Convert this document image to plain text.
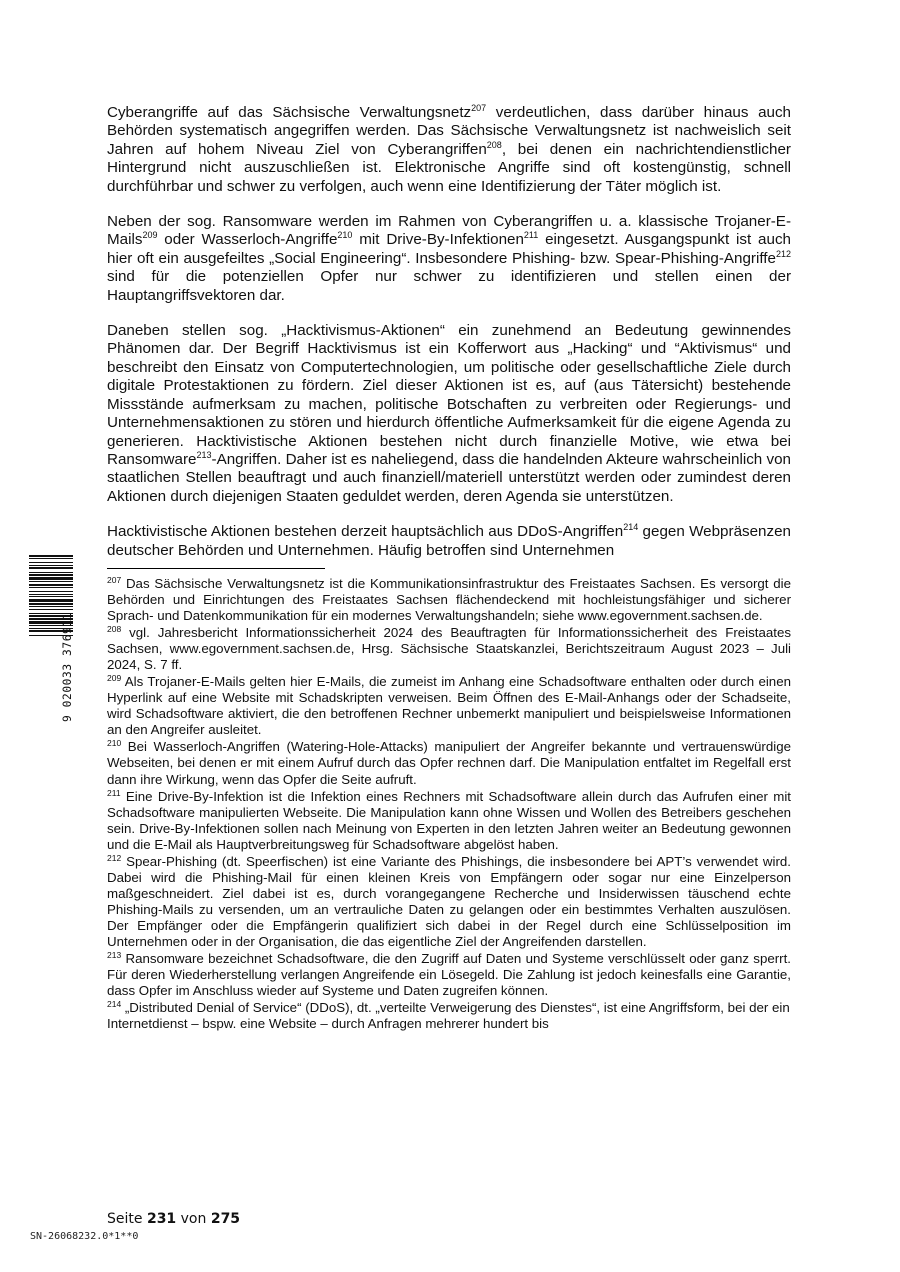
Cyberangriffe auf das Sächsische Verwaltungsnetz$^{207}$ verdeutlichen, dass darüber hinaus auch Behörden systematisch angegriffen werden. Das Sächsische Verwaltungsnetz ist nachweislich seit Jahren auf hohem Niveau Ziel von Cyberangriffen$^{208}$, bei denen ein nachrichtendienstlicher Hintergrund nicht auszuschließen ist. Elektronische Angriffe sind oft kostengünstig, schnell durchführbar und schwer zu verfolgen, auch wenn eine Identifizierung der Täter möglich ist.

Neben der sog. Ransomware werden im Rahmen von Cyberangriffen u. a. klassische Trojaner-E-Mails$^{209}$ oder Wasserloch-Angriffe$^{210}$ mit Drive-By-Infektionen$^{211}$ eingesetzt. Ausgangspunkt ist auch hier oft ein ausgefeiltes „Social Engineering“. Insbesondere Phishing- bzw. Spear-Phishing-Angriffe$^{212}$ sind für die potenziellen Opfer nur schwer zu identifizieren und stellen einen der Hauptangriffsvektoren dar.

Daneben stellen sog. „Hacktivismus-Aktionen“ ein zunehmend an Bedeutung gewinnendes Phänomen dar. Der Begriff Hacktivismus ist ein Kofferwort aus „Hacking“ und “Aktivismus“ und beschreibt den Einsatz von Computertechnologien, um politische oder gesellschaftliche Ziele durch digitale Protestaktionen zu fördern. Ziel dieser Aktionen ist es, auf (aus Tätersicht) bestehende Missstände aufmerksam zu machen, politische Botschaften zu verbreiten oder Regierungs- und Unternehmensaktionen zu stören und hierdurch öffentliche Aufmerksamkeit für die eigene Agenda zu generieren. Hacktivistische Aktionen bestehen nicht durch finanzielle Motive, wie etwa bei Ransomware$^{213}$-Angriffen. Daher ist es naheliegend, dass die handelnden Akteure wahrscheinlich von staatlichen Stellen beauftragt und auch finanziell/materiell unterstützt werden oder zumindest deren Aktionen durch diejenigen Staaten geduldet werden, deren Agenda sie unterstützen.

Hacktivistische Aktionen bestehen derzeit hauptsächlich aus DDoS-Angriffen$^{214}$ gegen Webpräsenzen deutscher Behörden und Unternehmen. Häufig betroffen sind Unternehmen

$^{207}$ Das Sächsische Verwaltungsnetz ist die Kommunikationsinfrastruktur des Freistaates Sachsen. Es versorgt die Behörden und Einrichtungen des Freistaates Sachsen flächendeckend mit hochleistungsfähiger und sicherer Sprach- und Datenkommunikation für ein modernes Verwaltungshandeln; siehe www.egovernment.sachsen.de.

$^{208}$ vgl. Jahresbericht Informationssicherheit 2024 des Beauftragten für Informationssicherheit des Freistaates Sachsen, www.egovernment.sachsen.de, Hrsg. Sächsische Staatskanzlei, Berichtszeitraum August 2023 – Juli 2024, S. 7 ff.

$^{209}$ Als Trojaner-E-Mails gelten hier E-Mails, die zumeist im Anhang eine Schadsoftware enthalten oder durch einen Hyperlink auf eine Website mit Schadskripten verweisen. Beim Öffnen des E-Mail-Anhangs oder der Schadseite, wird Schadsoftware aktiviert, die den betroffenen Rechner unbemerkt manipuliert und beispielsweise Informationen an den Angreifer ausleitet.

$^{210}$ Bei Wasserloch-Angriffen (Watering-Hole-Attacks) manipuliert der Angreifer bekannte und vertrauenswürdige Webseiten, bei denen er mit einem Aufruf durch das Opfer rechnen darf. Die Manipulation entfaltet im Regelfall erst dann ihre Wirkung, wenn das Opfer die Seite aufruft.

$^{211}$ Eine Drive-By-Infektion ist die Infektion eines Rechners mit Schadsoftware allein durch das Aufrufen einer mit Schadsoftware manipulierten Webseite. Die Manipulation kann ohne Wissen und Wollen des Betreibers geschehen sein. Drive-By-Infektionen sollen nach Meinung von Experten in den letzten Jahren weiter an Bedeutung gewonnen und die E-Mail als Hauptverbreitungsweg für Schadsoftware abgelöst haben.

$^{212}$ Spear-Phishing (dt. Speerfischen) ist eine Variante des Phishings, die insbesondere bei APT’s verwendet wird. Dabei wird die Phishing-Mail für einen kleinen Kreis von Empfängern oder sogar nur eine Einzelperson maßgeschneidert. Ziel dabei ist es, durch vorangegangene Recherche und Insiderwissen täuschend echte Phishing-Mails zu versenden, um an vertrauliche Daten zu gelangen oder ein bestimmtes Verhalten auszulösen. Der Empfänger oder die Empfängerin qualifiziert sich dabei in der Regel durch eine Schlüsselposition im Unternehmen oder in der Organisation, die das eigentliche Ziel der Angreifenden darstellen.

$^{213}$ Ransomware bezeichnet Schadsoftware, die den Zugriff auf Daten und Systeme verschlüsselt oder ganz sperrt. Für deren Wiederherstellung verlangen Angreifende ein Lösegeld. Die Zahlung ist jedoch keinesfalls eine Garantie, dass Opfer im Anschluss wieder auf Systeme und Daten zugreifen können.

$^{214}$ „Distributed Denial of Service“ (DDoS), dt. „verteilte Verweigerung des Dienstes“, ist eine Angriffsform, bei der ein Internetdienst – bspw. eine Website – durch Anfragen mehrerer hundert bis

9 020033 376911
Seite 231 von 275
SN-26068232.0*1**0
